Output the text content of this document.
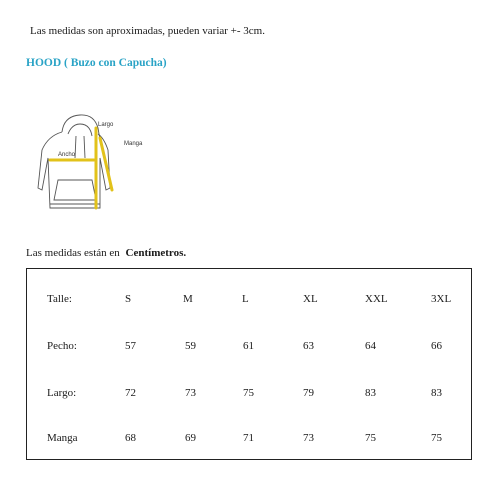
Las medidas son aproximadas, pueden variar +- 3cm.
HOOD ( Buzo con Capucha)
Largo
Manga
Ancho
Las medidas están en Centímetros.
Talle:	S	M	L	XL	XXL	3XL
Pecho:	57	59	61	63	64	66
Largo:	72	73	75	79	83	83
Manga	68	69	71	73	75	75
